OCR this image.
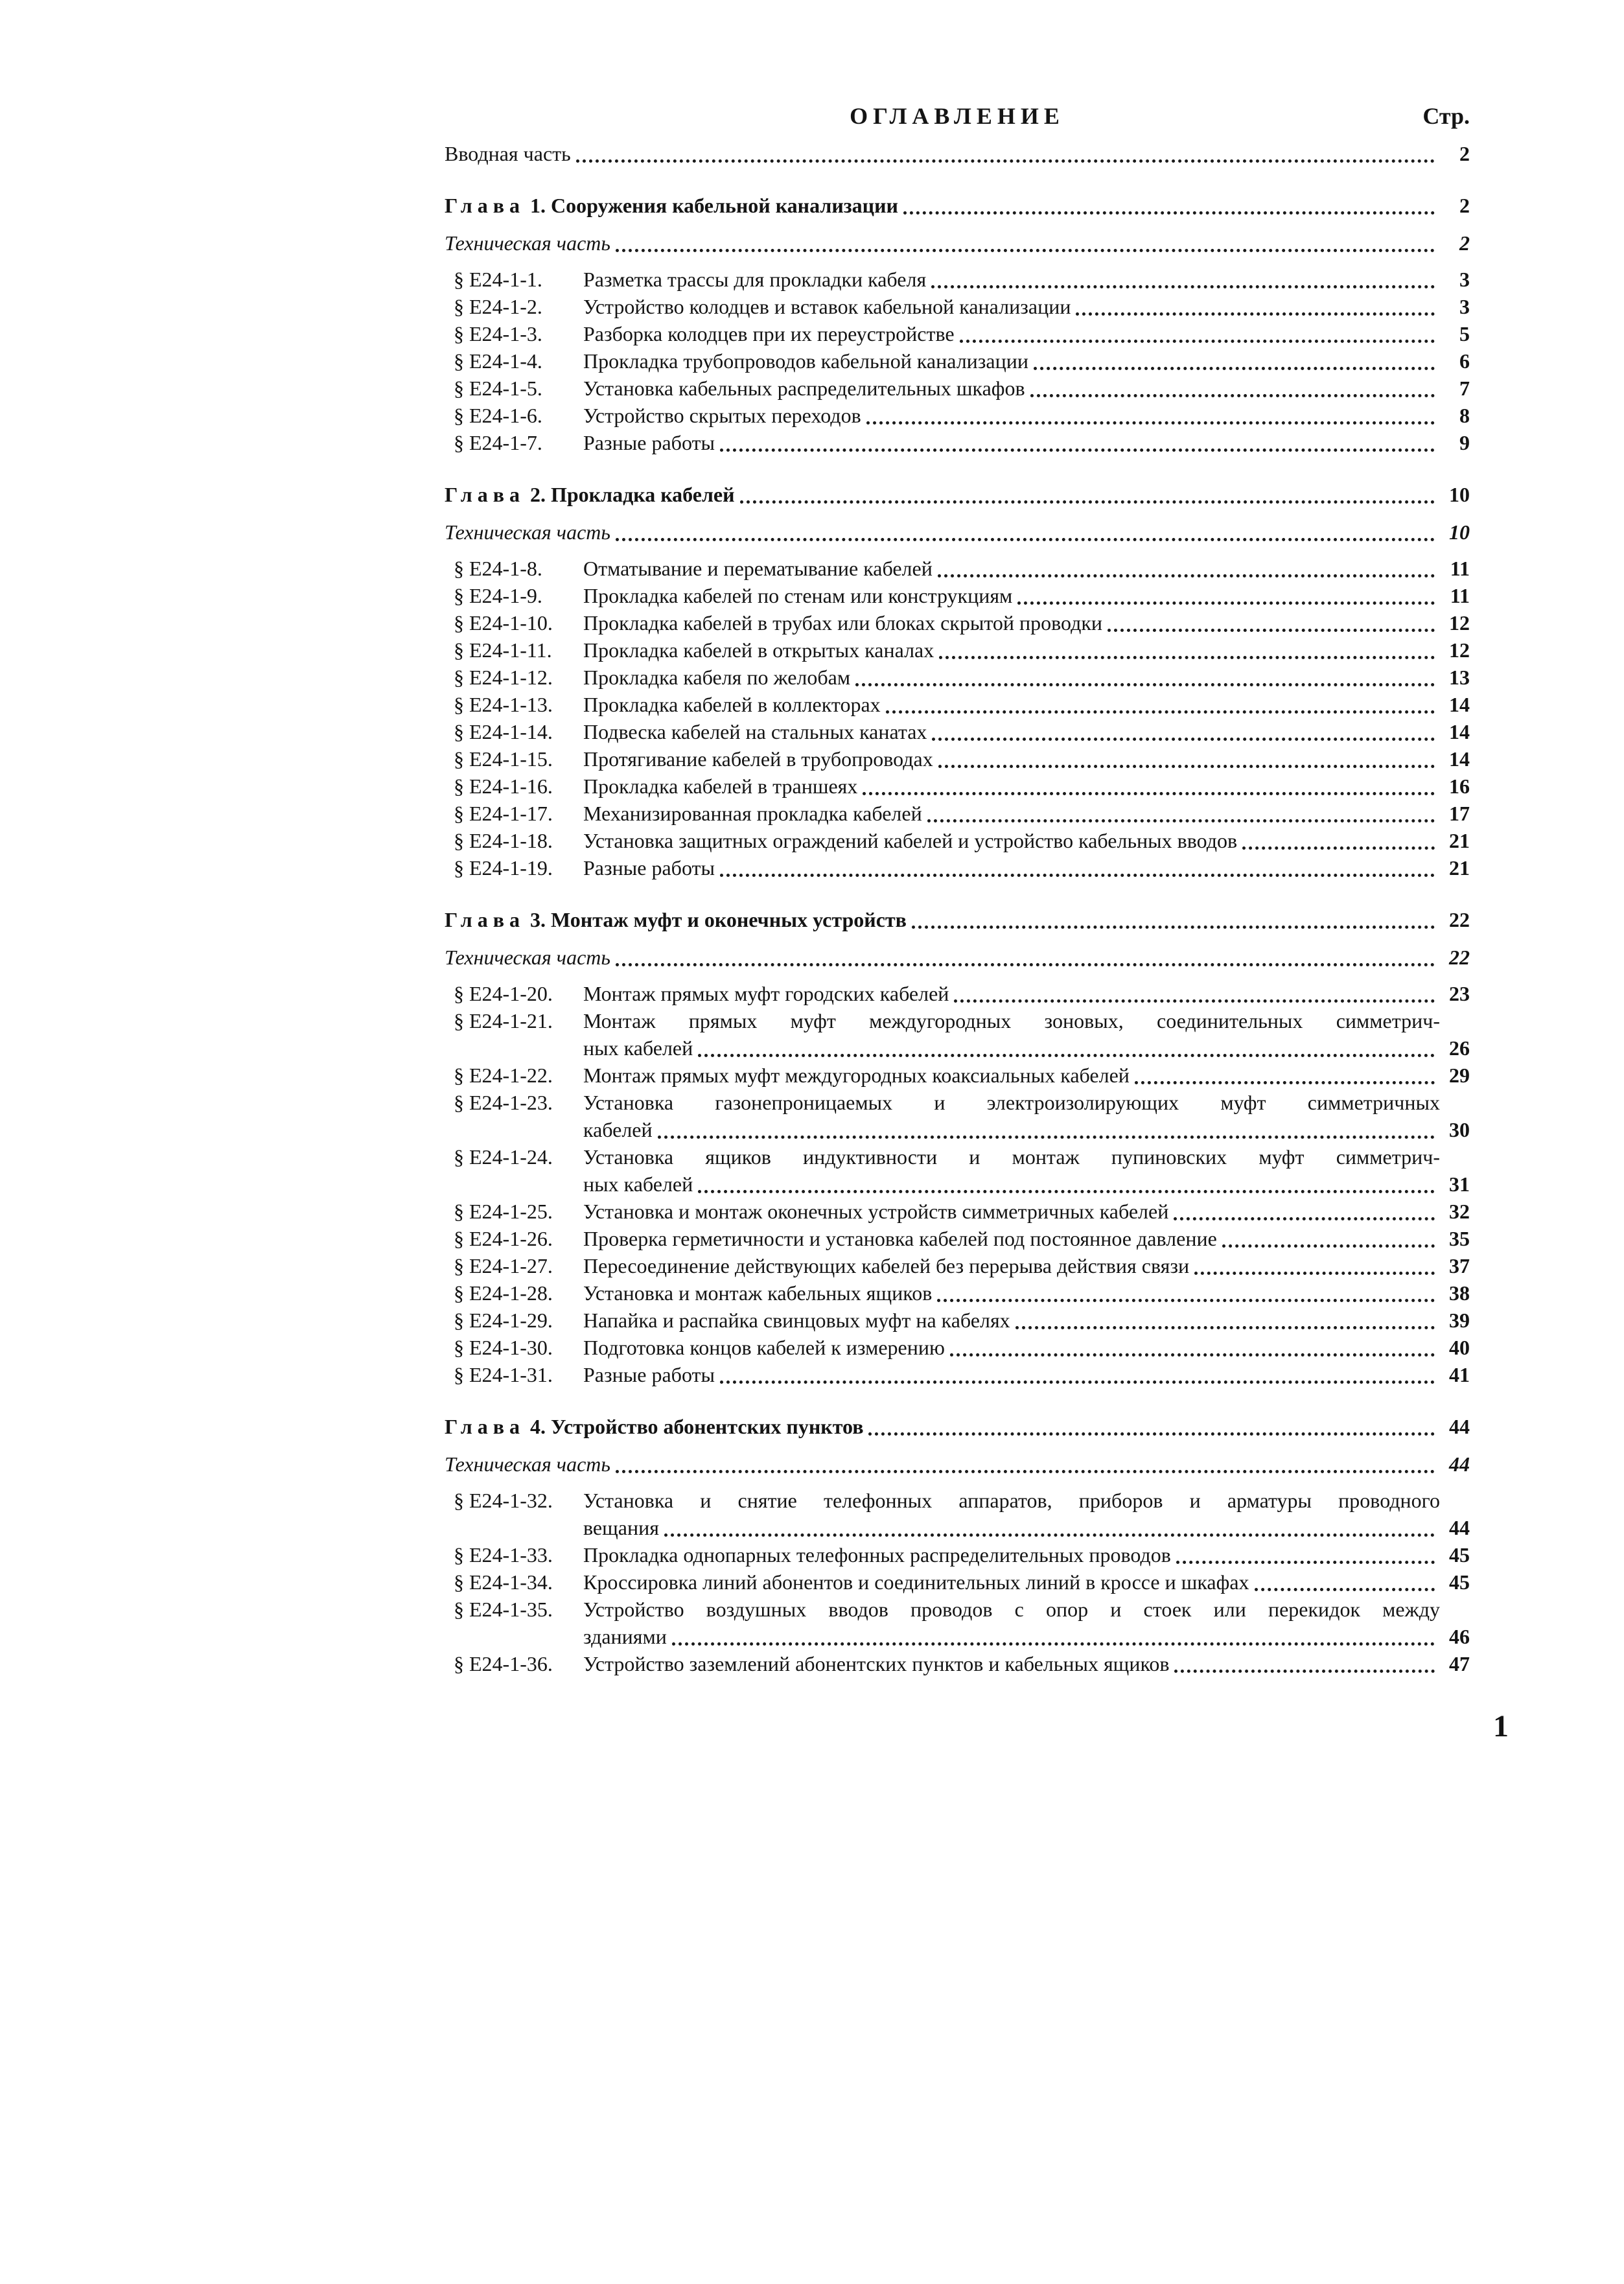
ОГЛАВЛЕНИЕ	Стр.
Вводная часть	2
Глава 1. Сооружения кабельной канализации	2
Техническая часть	2
§ Е24-1-1.	Разметка трассы для прокладки кабеля	3
§ Е24-1-2.	Устройство колодцев и вставок кабельной канализации	3
§ Е24-1-3.	Разборка колодцев при их переустройстве	5
§ Е24-1-4.	Прокладка трубопроводов кабельной канализации	6
§ Е24-1-5.	Установка кабельных распределительных шкафов	7
§ Е24-1-6.	Устройство скрытых переходов	8
§ Е24-1-7.	Разные работы	9
Глава 2. Прокладка кабелей	10
Техническая часть	10
§ Е24-1-8.	Отматывание и перематывание кабелей	11
§ Е24-1-9.	Прокладка кабелей по стенам или конструкциям	11
§ Е24-1-10.	Прокладка кабелей в трубах или блоках скрытой проводки	12
§ Е24-1-11.	Прокладка кабелей в открытых каналах	12
§ Е24-1-12.	Прокладка кабеля по желобам	13
§ Е24-1-13.	Прокладка кабелей в коллекторах	14
§ Е24-1-14.	Подвеска кабелей на стальных канатах	14
§ Е24-1-15.	Протягивание кабелей в трубопроводах	14
§ Е24-1-16.	Прокладка кабелей в траншеях	16
§ Е24-1-17.	Механизированная прокладка кабелей	17
§ Е24-1-18.	Установка защитных ограждений кабелей и устройство кабельных вводов	21
§ Е24-1-19.	Разные работы	21
Глава 3. Монтаж муфт и оконечных устройств	22
Техническая часть	22
§ Е24-1-20.	Монтаж прямых муфт городских кабелей	23
§ Е24-1-21.	Монтаж прямых муфт междугородных зоновых, соединительных симметрич-
ных кабелей	26
§ Е24-1-22.	Монтаж прямых муфт междугородных коаксиальных кабелей	29
§ Е24-1-23.	Установка газонепроницаемых и электроизолирующих муфт симметричных
кабелей	30
§ Е24-1-24.	Установка ящиков индуктивности и монтаж пупиновских муфт симметрич-
ных кабелей	31
§ Е24-1-25.	Установка и монтаж оконечных устройств симметричных кабелей	32
§ Е24-1-26.	Проверка герметичности и установка кабелей под постоянное давление	35
§ Е24-1-27.	Пересоединение действующих кабелей без перерыва действия связи	37
§ Е24-1-28.	Установка и монтаж кабельных ящиков	38
§ Е24-1-29.	Напайка и распайка свинцовых муфт на кабелях	39
§ Е24-1-30.	Подготовка концов кабелей к измерению	40
§ Е24-1-31.	Разные работы	41
Глава 4. Устройство абонентских пунктов	44
Техническая часть	44
§ Е24-1-32.	Установка и снятие телефонных аппаратов, приборов и арматуры проводного
вещания	44
§ Е24-1-33.	Прокладка однопарных телефонных распределительных проводов	45
§ Е24-1-34.	Кроссировка линий абонентов и соединительных линий в кроссе и шкафах	45
§ Е24-1-35.	Устройство воздушных вводов проводов с опор и стоек или перекидок между
зданиями	46
§ Е24-1-36.	Устройство заземлений абонентских пунктов и кабельных ящиков	47
1
